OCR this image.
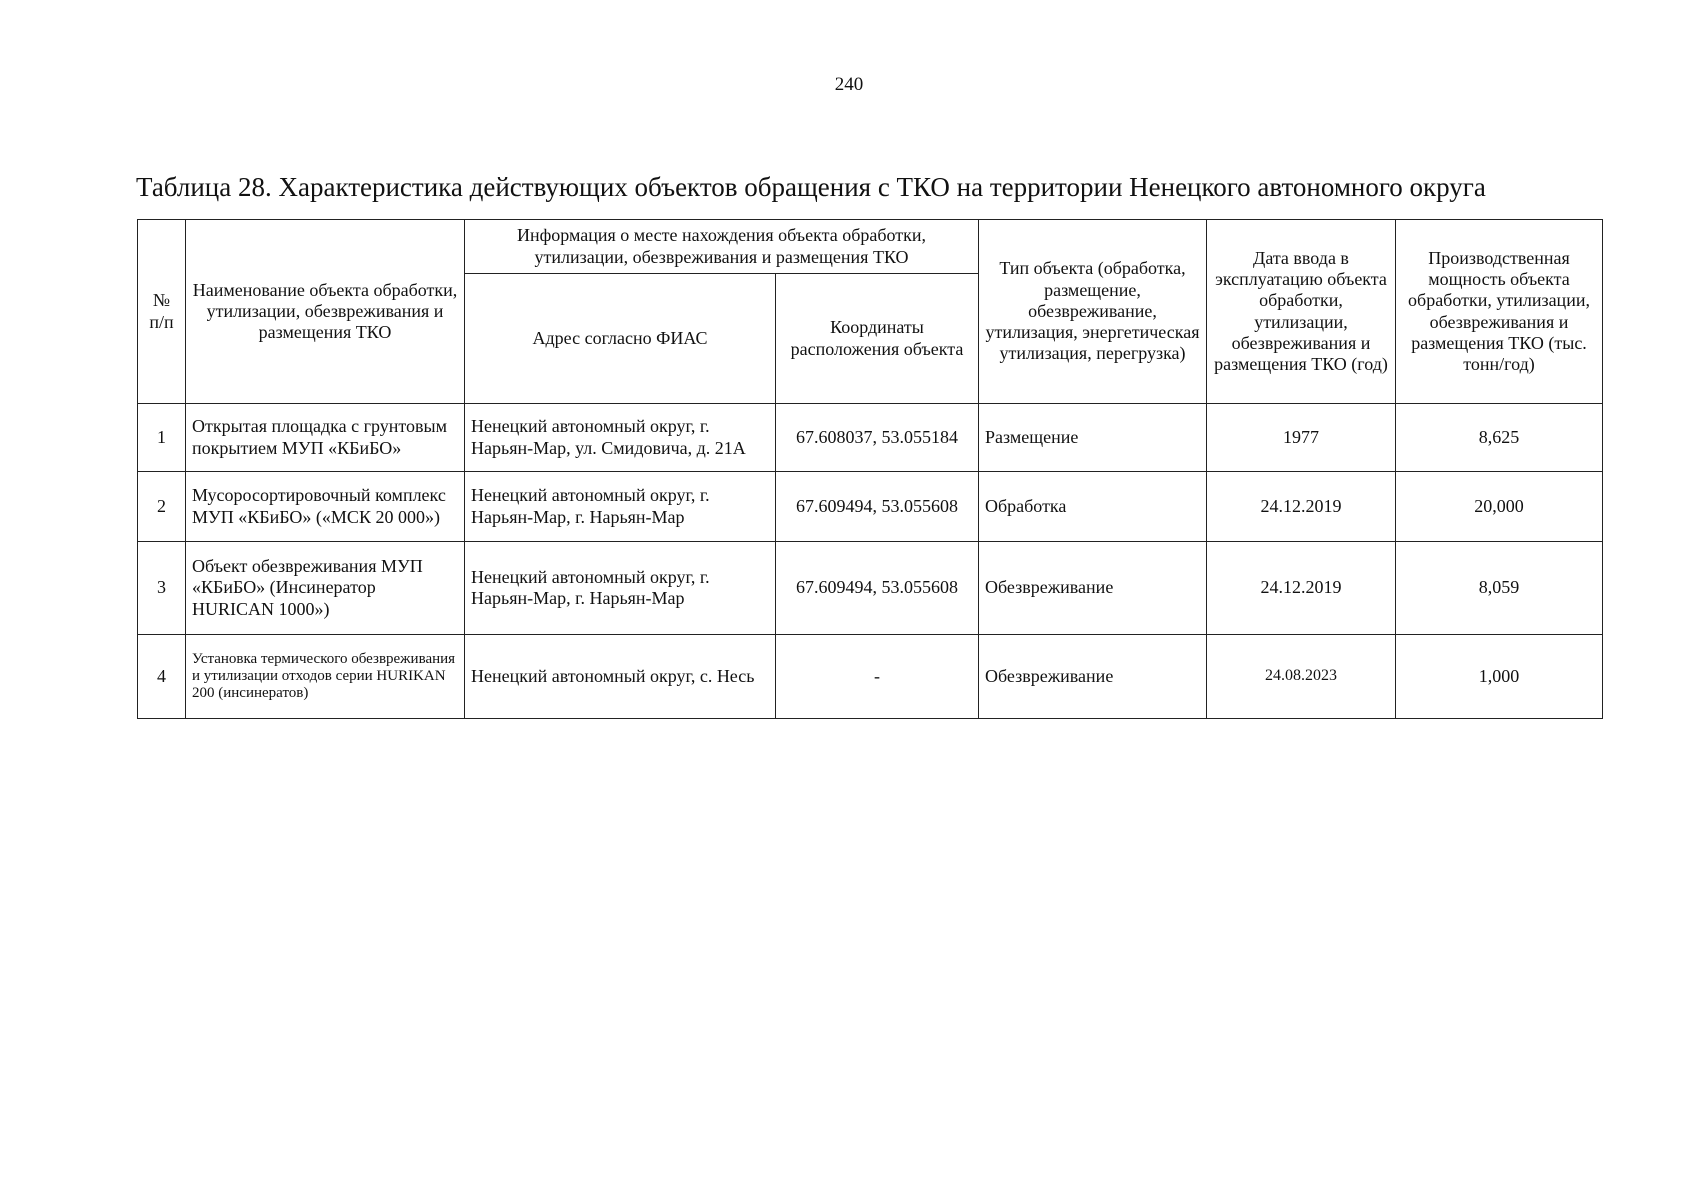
240
Таблица 28. Характеристика действующих объектов обращения с ТКО на территории Ненецкого автономного округа
№ п/п	Наименование объекта обработки, утилизации, обезвреживания и размещения ТКО	Информация о месте нахождения объекта обработки, утилизации, обезвреживания и размещения ТКО		Тип объекта (обработка, размещение, обезвреживание, утилизация, энергетическая утилизация, перегрузка)	Дата ввода в эксплуатацию объекта обработки, утилизации, обезвреживания и размещения ТКО (год)	Производственная мощность объекта обработки, утилизации, обезвреживания и размещения ТКО (тыс. тонн/год)
		Адрес согласно ФИАС	Координаты расположения объекта			
1	Открытая площадка с грунтовым покрытием МУП «КБиБО»	Ненецкий автономный округ, г. Нарьян-Мар, ул. Смидовича, д. 21А	67.608037, 53.055184	Размещение	1977	8,625
2	Мусоросортировочный комплекс МУП «КБиБО» («МСК 20 000»)	Ненецкий автономный округ, г. Нарьян-Мар, г. Нарьян-Мар	67.609494, 53.055608	Обработка	24.12.2019	20,000
3	Объект обезвреживания МУП «КБиБО» (Инсинератор HURICAN 1000»)	Ненецкий автономный округ, г. Нарьян-Мар, г. Нарьян-Мар	67.609494, 53.055608	Обезвреживание	24.12.2019	8,059
4	Установка термического обезвреживания и утилизации отходов серии HURIKAN 200 (инсинератов)	Ненецкий автономный округ, с. Несь	-	Обезвреживание	24.08.2023	1,000
